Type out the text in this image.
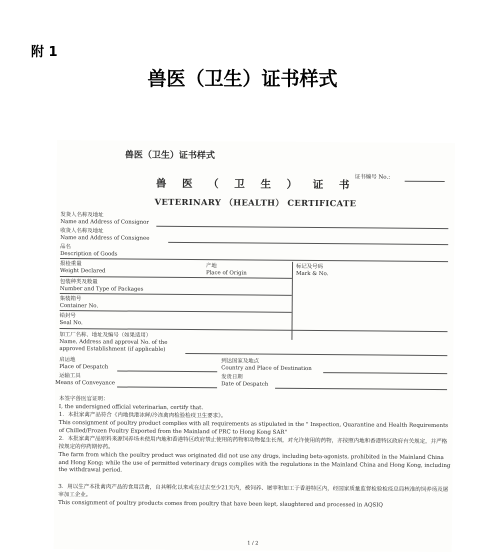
附 1
兽医（卫生）证书样式
兽医（卫生）证书样式
证书编号 No.:
兽 医 （ 卫 生 ） 证 书
VETERINARY （HEALTH） CERTIFICATE
发货人名称及地址
Name and Address of Consignor
收货人名称及地址
Name and Address of Consignee
品名
Description of Goods
报检重量
Weight Declared
产地
Place of Origin
标记及号码
Mark & No.
包装种类及数量
Number and Type of Packages
集装箱号
Container No.
铅封号
Seal No.
加工厂名称、地址及编号（如果适用）
Name, Address and approval No. of the
approved Establishment (if applicable)
启运地
Place of Despatch
到达国家及地点
Country and Place of Destination
运输工具
Means of Conveyance
发货日期
Date of Despatch
本签字兽医官证明：
I, the undersigned official veterinarian, certify that.
1．本批家禽产品符合《内地供港冰鲜/冷冻禽肉检验检疫卫生要求》。
This consignment of poultry product complies with all requirements as stipulated in the " Inspection, Quarantine and Health Requirements of Chilled/Frozen Poultry Exported from the Mainland of PRC to Hong Kong SAR"
2．本批家禽产品原料来源饲养场未使用内地和香港特区政府禁止使用的药物和动物促生长剂，对允许使用的药物，亦按照内地和香港特区政府有关规定，并严格按规定的停药期停药。
The farm from which the poultry product was originated did not use any drugs, including beta-agonists, prohibited in the Mainland China and Hong Kong; while the use of permitted veterinary drugs complies with the regulations in the Mainland China and Hong Kong, including the withdrawal period.
3．用以生产本批禽肉产品的食用活禽，自其孵化以来或在过去至少21天内，被饲养、屠宰和加工于香港特区内，经国家质量监督检验检疫总局核准的饲养场及屠宰加工企业。
This consignment of poultry products comes from poultry that have been kept, slaughtered and processed in AQSIQ
1 / 2
